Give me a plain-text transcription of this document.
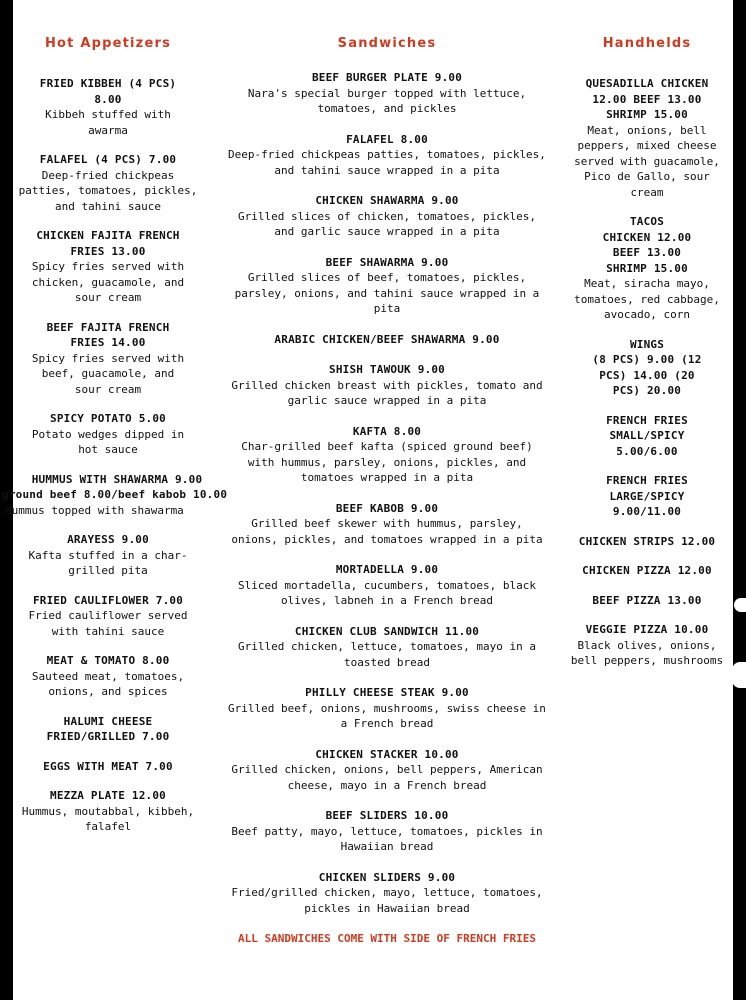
Hot Appetizers
FRIED KIBBEH (4 PCS) 8.00
Kibbeh stuffed with awarma
FALAFEL (4 PCS) 7.00
Deep-fried chickpeas patties, tomatoes, pickles, and tahini sauce
CHICKEN FAJITA FRENCH FRIES 13.00
Spicy fries served with chicken, guacamole, and sour cream
BEEF FAJITA FRENCH FRIES 14.00
Spicy fries served with beef, guacamole, and sour cream
SPICY POTATO 5.00
Potato wedges dipped in hot sauce
HUMMUS WITH SHAWARMA 9.00
ground beef 8.00/beef kabob 10.00
Hummus topped with shawarma
ARAYESS 9.00
Kafta stuffed in a char-grilled pita
FRIED CAULIFLOWER 7.00
Fried cauliflower served with tahini sauce
MEAT & TOMATO 8.00
Sauteed meat, tomatoes, onions, and spices
HALUMI CHEESE FRIED/GRILLED 7.00
EGGS WITH MEAT 7.00
MEZZA PLATE 12.00
Hummus, moutabbal, kibbeh, falafel
Sandwiches
BEEF BURGER PLATE 9.00
Nara's special burger topped with lettuce, tomatoes, and pickles
FALAFEL 8.00
Deep-fried chickpeas patties, tomatoes, pickles, and tahini sauce wrapped in a pita
CHICKEN SHAWARMA 9.00
Grilled slices of chicken, tomatoes, pickles, and garlic sauce wrapped in a pita
BEEF SHAWARMA 9.00
Grilled slices of beef, tomatoes, pickles, parsley, onions, and tahini sauce wrapped in a pita
ARABIC CHICKEN/BEEF SHAWARMA 9.00
SHISH TAWOUK 9.00
Grilled chicken breast with pickles, tomato and garlic sauce wrapped in a pita
KAFTA 8.00
Char-grilled beef kafta (spiced ground beef) with hummus, parsley, onions, pickles, and tomatoes wrapped in a pita
BEEF KABOB 9.00
Grilled beef skewer with hummus, parsley, onions, pickles, and tomatoes wrapped in a pita
MORTADELLA 9.00
Sliced mortadella, cucumbers, tomatoes, black olives, labneh in a French bread
CHICKEN CLUB SANDWICH 11.00
Grilled chicken, lettuce, tomatoes, mayo in a toasted bread
PHILLY CHEESE STEAK 9.00
Grilled beef, onions, mushrooms, swiss cheese in a French bread
CHICKEN STACKER 10.00
Grilled chicken, onions, bell peppers, American cheese, mayo in a French bread
BEEF SLIDERS 10.00
Beef patty, mayo, lettuce, tomatoes, pickles in Hawaiian bread
CHICKEN SLIDERS 9.00
Fried/grilled chicken, mayo, lettuce, tomatoes, pickles in Hawaiian bread
ALL SANDWICHES COME WITH SIDE OF FRENCH FRIES
Handhelds
QUESADILLA CHICKEN 12.00 BEEF 13.00 SHRIMP 15.00
Meat, onions, bell peppers, mixed cheese served with guacamole, Pico de Gallo, sour cream
TACOS
CHICKEN 12.00 BEEF 13.00 SHRIMP 15.00
Meat, siracha mayo, tomatoes, red cabbage, avocado, corn
WINGS
(8 PCS) 9.00 (12 PCS) 14.00 (20 PCS) 20.00
FRENCH FRIES SMALL/SPICY
5.00/6.00
FRENCH FRIES LARGE/SPICY
9.00/11.00
CHICKEN STRIPS 12.00
CHICKEN PIZZA 12.00
BEEF PIZZA 13.00
VEGGIE PIZZA 10.00
Black olives, onions, bell peppers, mushrooms
